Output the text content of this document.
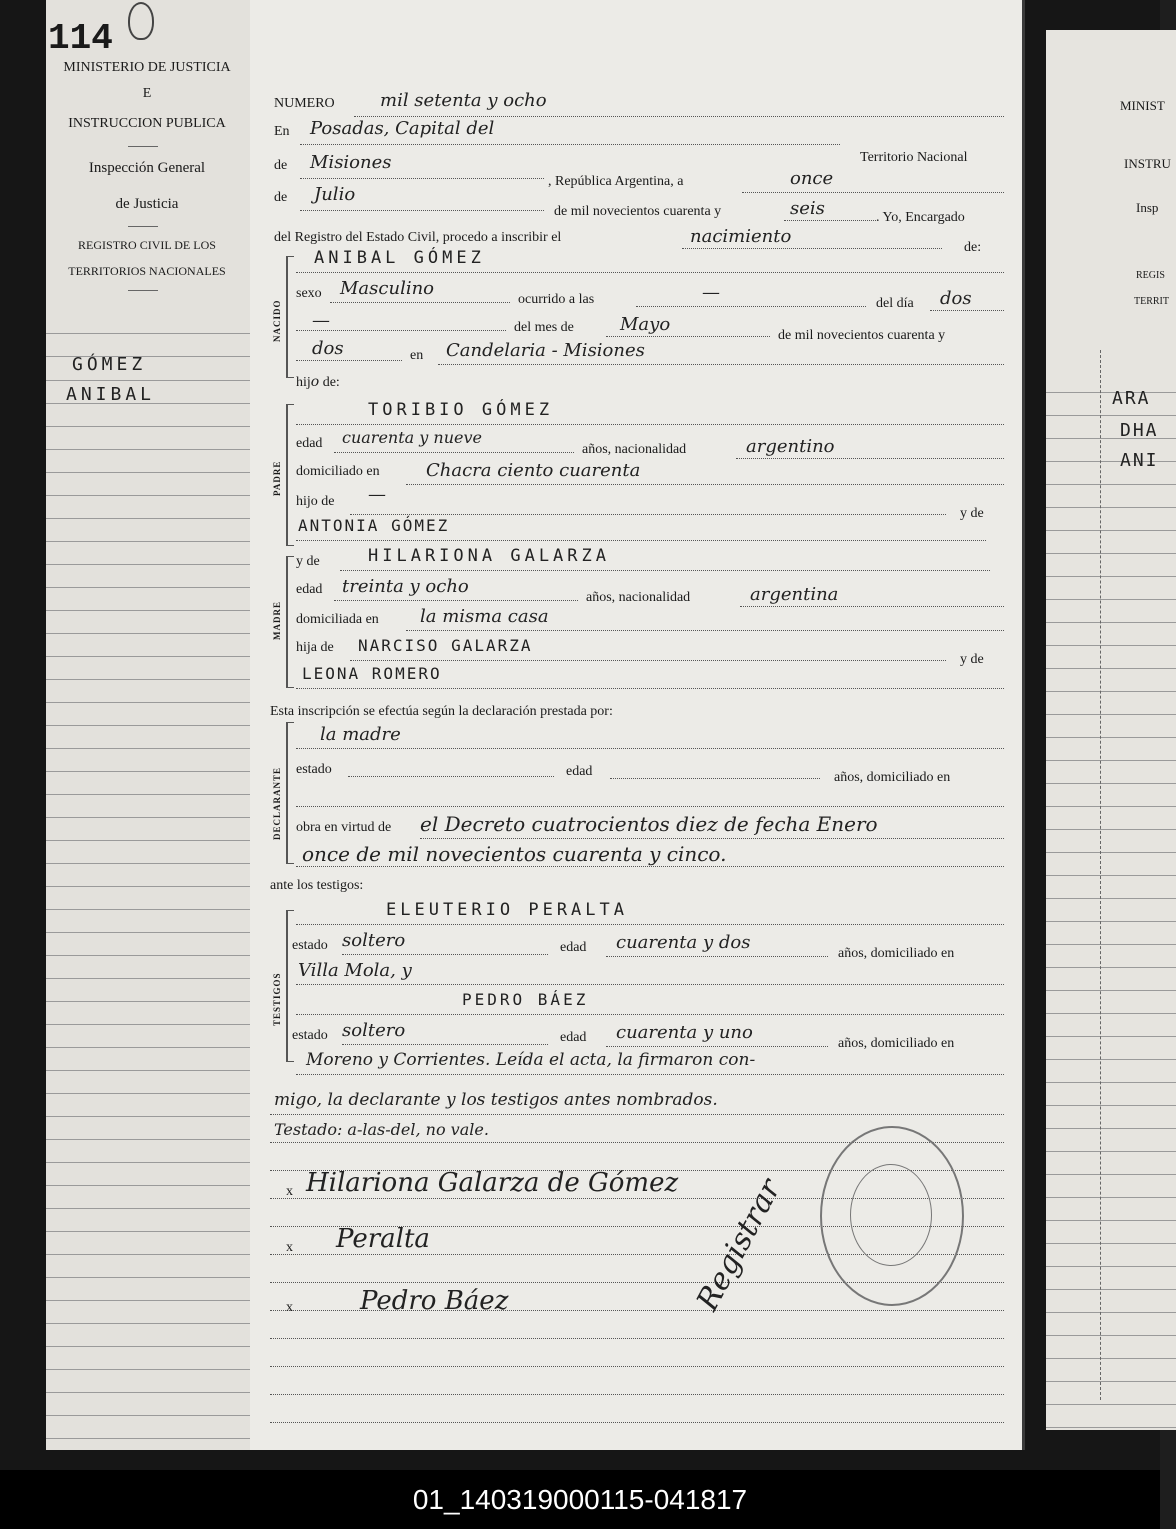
114
MINISTERIO DE JUSTICIA
E
INSTRUCCION PUBLICA
Inspección General
de Justicia
REGISTRO CIVIL DE LOS
TERRITORIOS NACIONALES
GÓMEZ
ANIBAL
NUMERO	mil setenta y ocho
En Posadas, Capital del
Territorio Nacional
de Misiones
, República Argentina, a	once
de Julio
de mil novecientos cuarenta y	seis	. Yo, Encargado
del Registro del Estado Civil, procedo a inscribir el	nacimiento
de:
NACIDO
ANIBAL GÓMEZ
sexo Masculino
ocurrido a las	—
del día dos
—	del mes de	Mayo
de mil novecientos cuarenta y
dos	en Candelaria - Misiones
hijo de:
PADRE
TORIBIO GÓMEZ
edad cuarenta y nueve
años, nacionalidad	argentino
domiciliado en	Chacra ciento cuarenta
hijo de —
y de
ANTONIA GÓMEZ
y de
MADRE
HILARIONA GALARZA
edad treinta y ocho
años, nacionalidad	argentina
domiciliada en la misma casa
hija de NARCISO GALARZA
y de
LEONA ROMERO
Esta inscripción se efectúa según la declaración prestada por:
DECLARANTE
la madre
estado	edad	años, domiciliado en
obra en virtud de el Decreto cuatrocientos diez de fecha Enero
once de mil novecientos cuarenta y cinco.
ante los testigos:
TESTIGOS
ELEUTERIO PERALTA
estado soltero	edad cuarenta y dos
años, domiciliado en
Villa Mola, y
PEDRO BÁEZ
estado soltero	edad cuarenta y uno
años, domiciliado en
Moreno y Corrientes. Leída el acta, la firmaron con-
migo, la declarante y los testigos antes nombrados.
Testado: a-las-del, no vale.
x Hilariona Galarza de Gómez
x Peralta
x	Pedro Báez	Registrar
MINIST
INSTRU
Insp
REGIS
TERRIT
ARA
DHA
ANI
01_140319000115-041817
